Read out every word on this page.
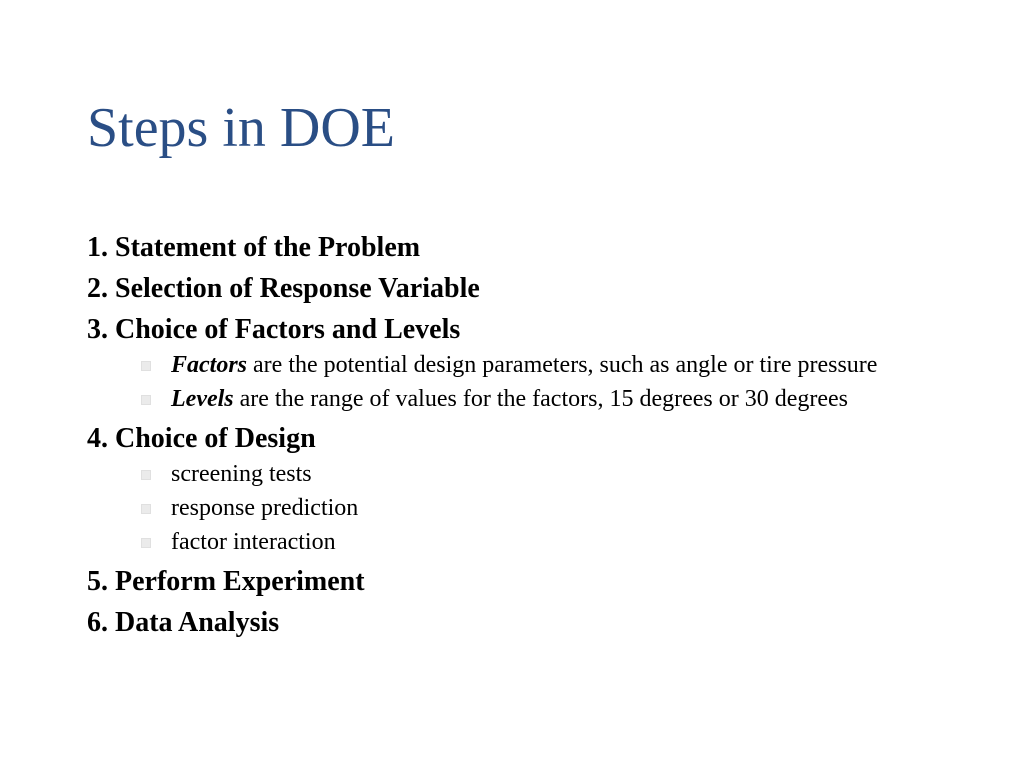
Steps in DOE
1. Statement of the Problem
2. Selection of Response Variable
3. Choice of Factors and Levels
Factors are the potential design parameters, such as angle or tire pressure
Levels are the range of values for the factors, 15 degrees or 30 degrees
4. Choice of Design
screening tests
response prediction
factor interaction
5. Perform Experiment
6. Data Analysis
